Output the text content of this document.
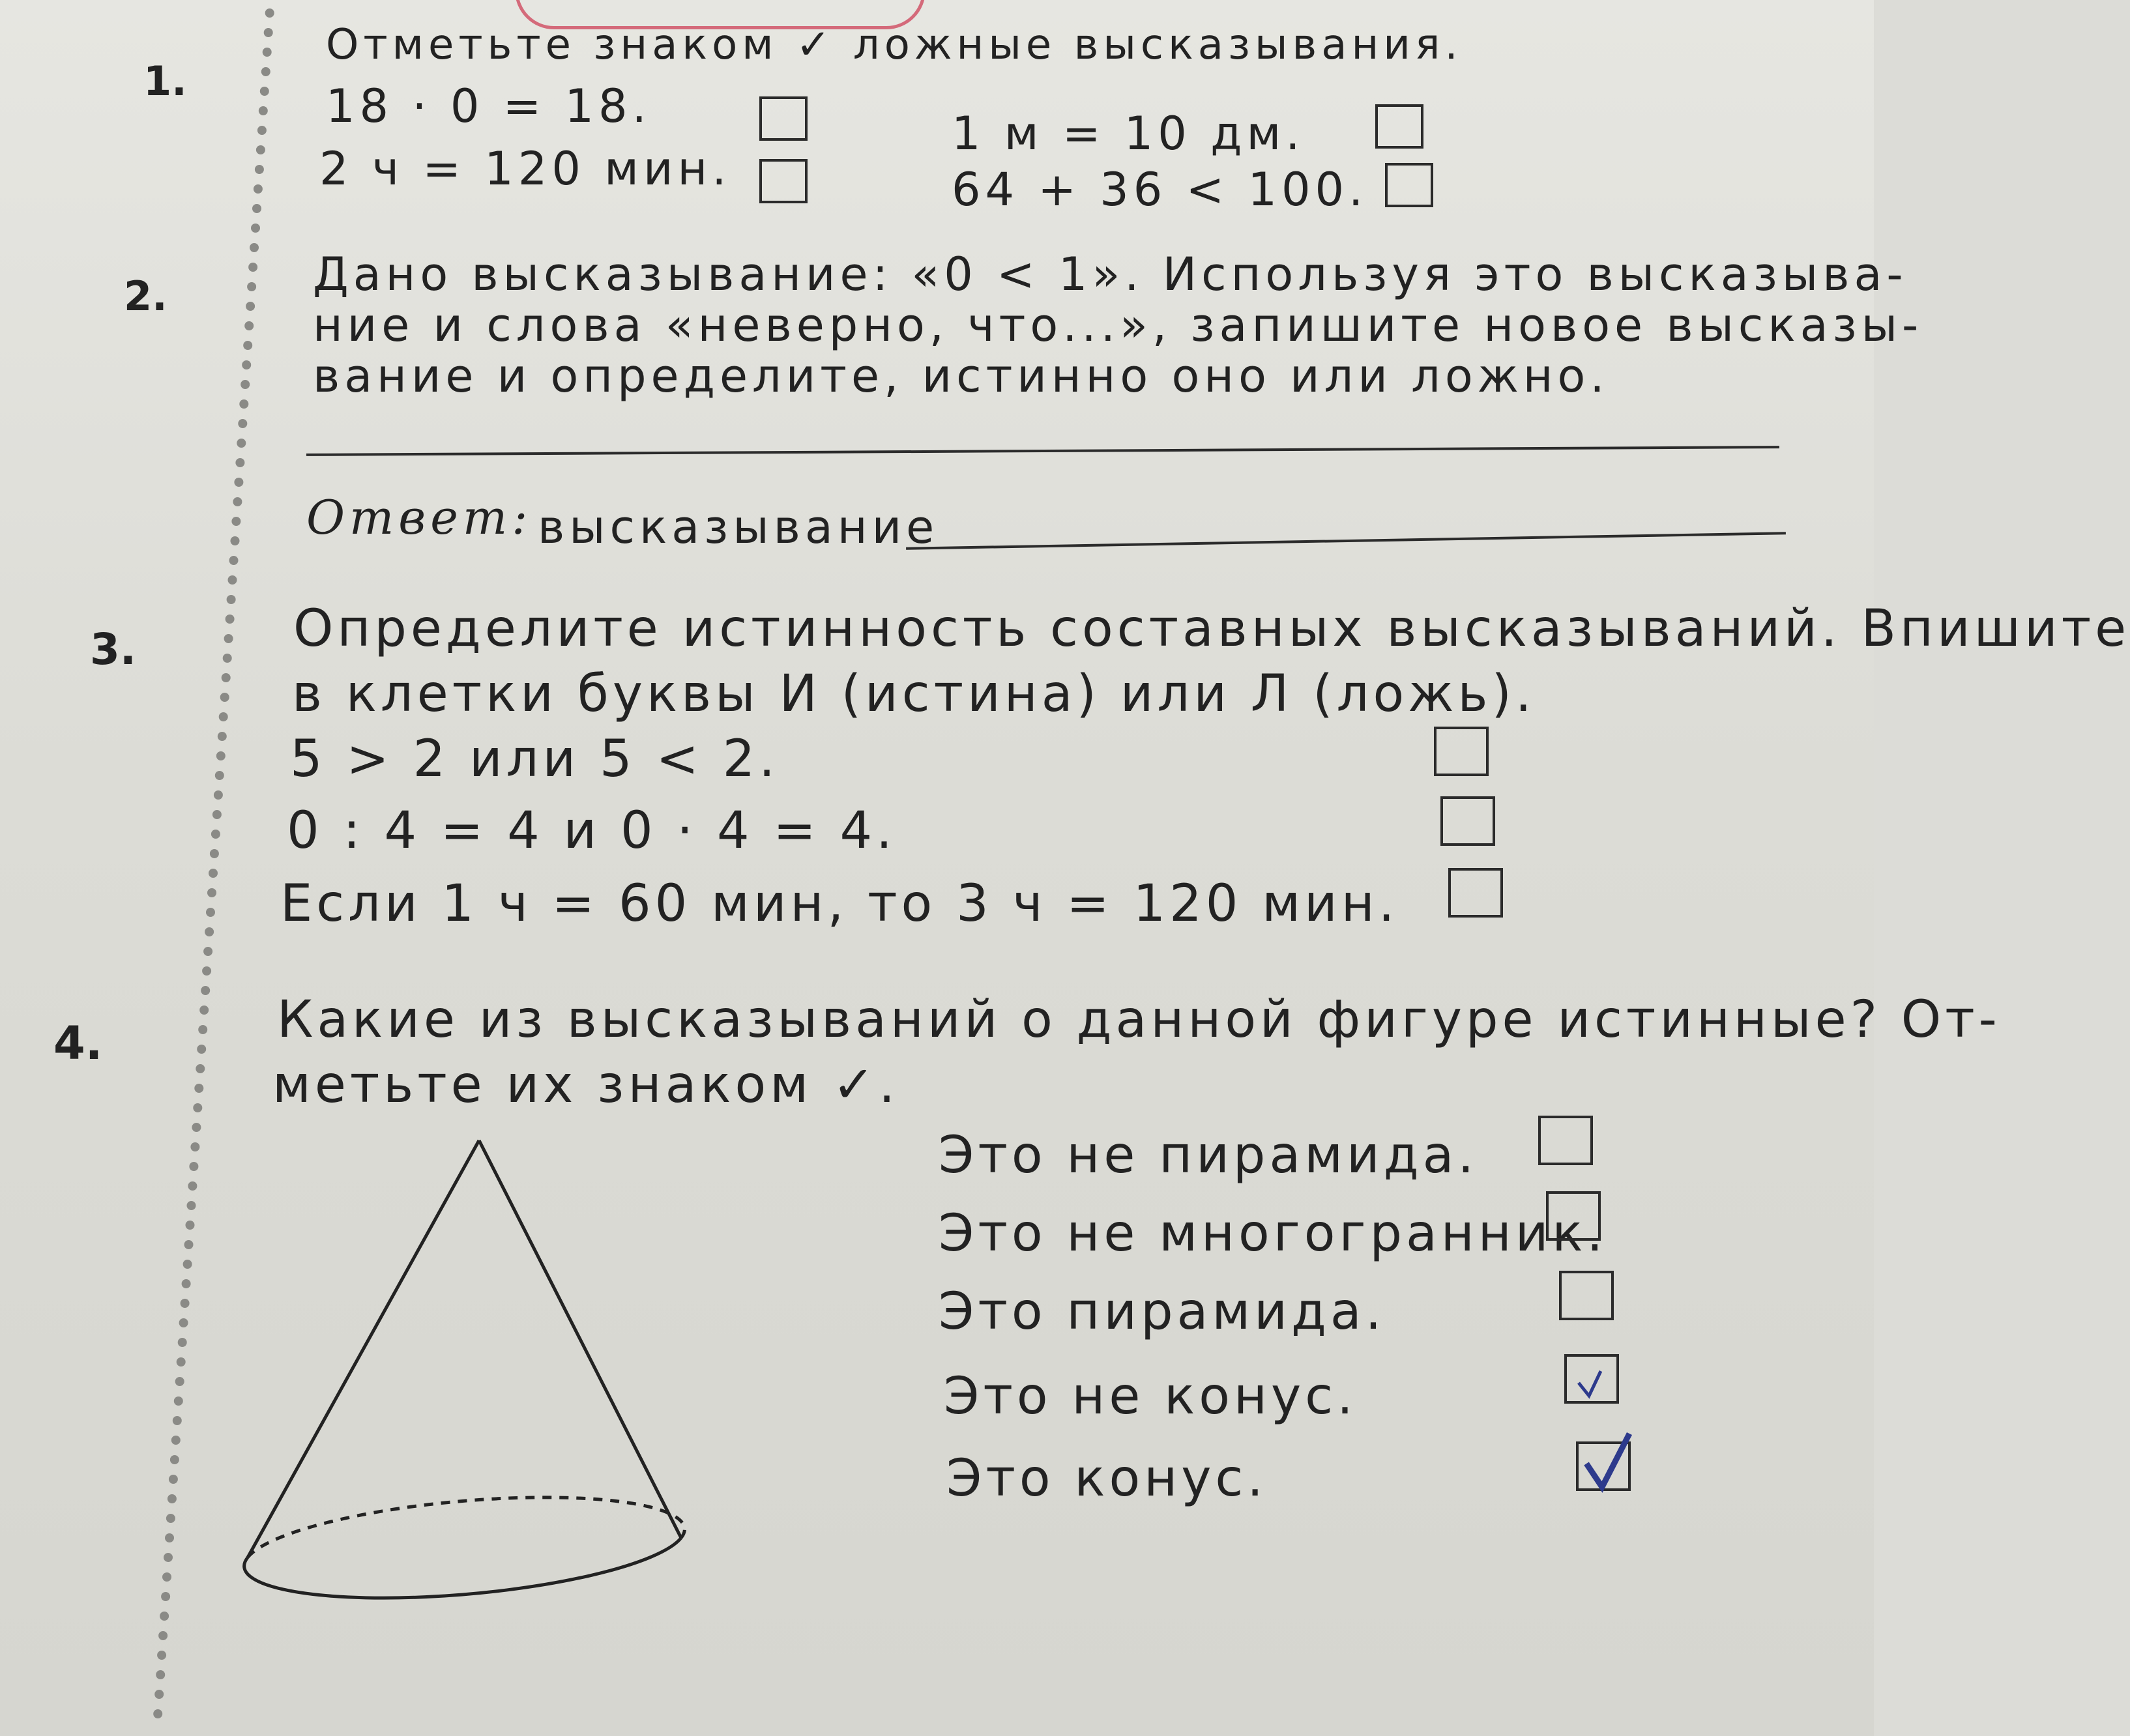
1.
Отметьте знаком ✓ ложные высказывания.
18 · 0 = 18.
2 ч = 120 мин.
1 м = 10 дм.
64 + 36 < 100.
2.	Дано высказывание: «0 < 1». Используя это высказыва-
ние и слова «неверно, что...», запишите новое высказы-
вание и определите, истинно оно или ложно.
Ответ: высказывание
3.	Определите истинность составных высказываний. Впишите
в клетки буквы И (истина) или Л (ложь).
5 > 2 или 5 < 2.
0 : 4 = 4 и 0 · 4 = 4.
Если 1 ч = 60 мин, то 3 ч = 120 мин.
4.	Какие из высказываний о данной фигуре истинные? От-
метьте их знаком ✓.
Это не пирамида.
Это не многогранник.
Это пирамида.
Это не конус.
Это конус.
